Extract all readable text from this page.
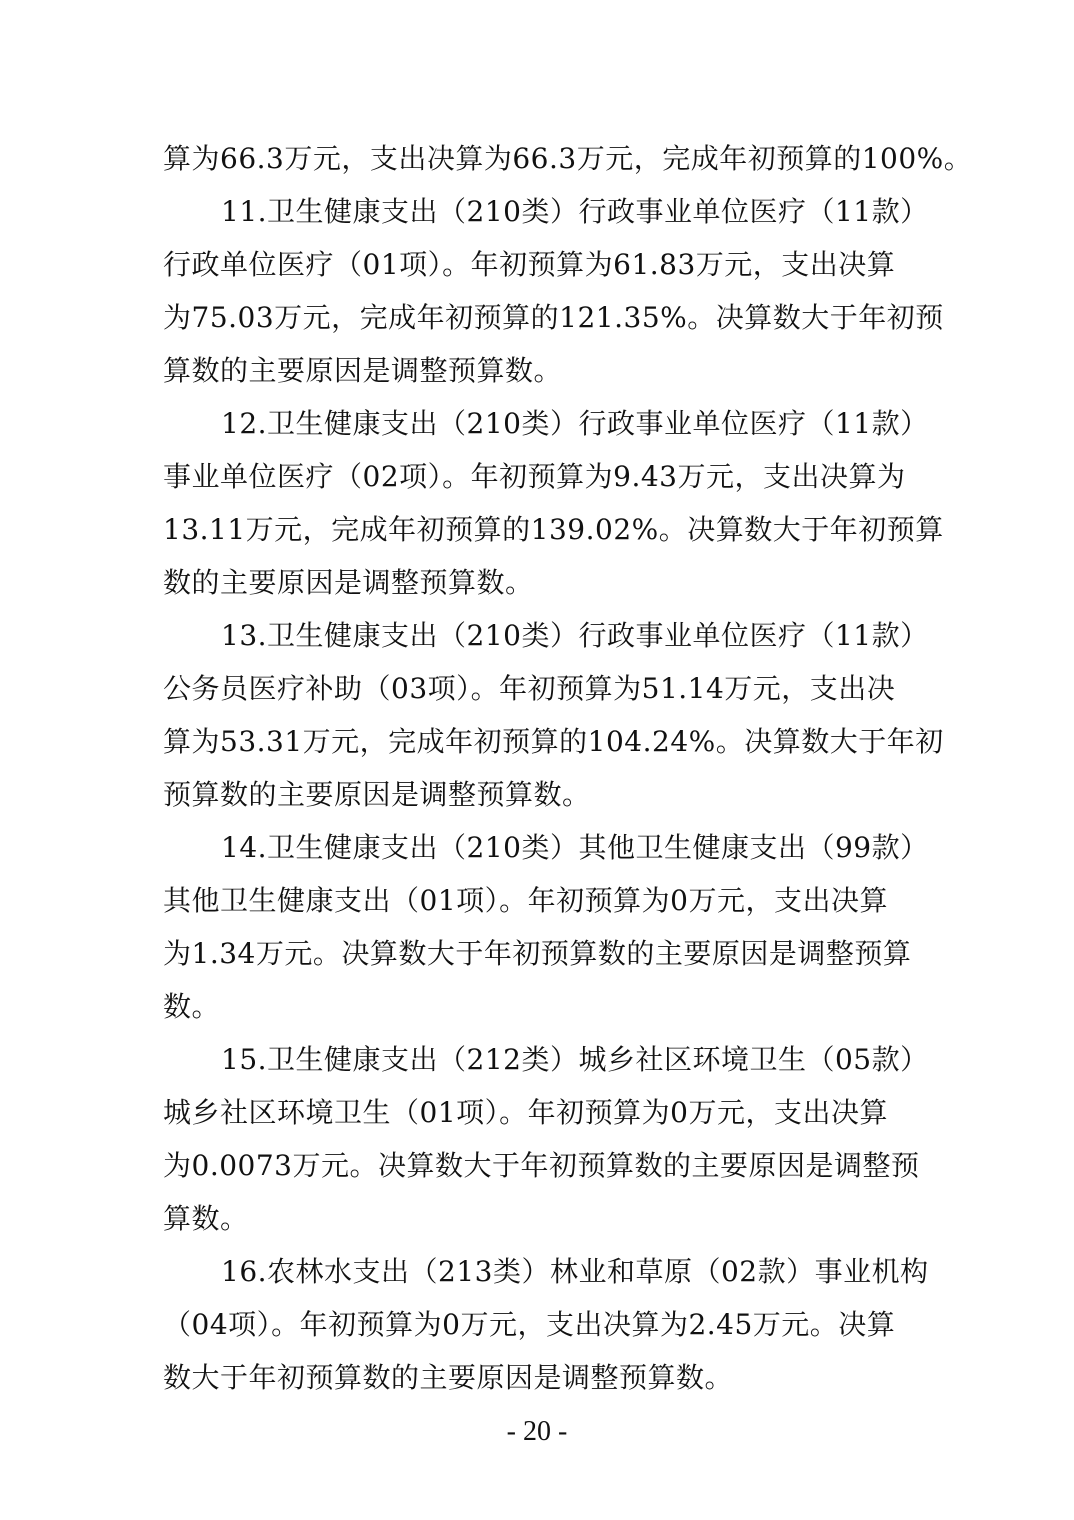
算为66.3万元，支出决算为66.3万元，完成年初预算的100%。
11.卫生健康支出（210类）行政事业单位医疗（11款）
行政单位医疗（01项）。年初预算为61.83万元，支出决算
为75.03万元，完成年初预算的121.35%。决算数大于年初预
算数的主要原因是调整预算数。
12.卫生健康支出（210类）行政事业单位医疗（11款）
事业单位医疗（02项）。年初预算为9.43万元，支出决算为
13.11万元，完成年初预算的139.02%。决算数大于年初预算
数的主要原因是调整预算数。
13.卫生健康支出（210类）行政事业单位医疗（11款）
公务员医疗补助（03项）。年初预算为51.14万元，支出决
算为53.31万元，完成年初预算的104.24%。决算数大于年初
预算数的主要原因是调整预算数。
14.卫生健康支出（210类）其他卫生健康支出（99款）
其他卫生健康支出（01项）。年初预算为0万元，支出决算
为1.34万元。决算数大于年初预算数的主要原因是调整预算
数。
15.卫生健康支出（212类）城乡社区环境卫生（05款）
城乡社区环境卫生（01项）。年初预算为0万元，支出决算
为0.0073万元。决算数大于年初预算数的主要原因是调整预
算数。
16.农林水支出（213类）林业和草原（02款）事业机构
（04项）。年初预算为0万元，支出决算为2.45万元。决算
数大于年初预算数的主要原因是调整预算数。
- 20 -
